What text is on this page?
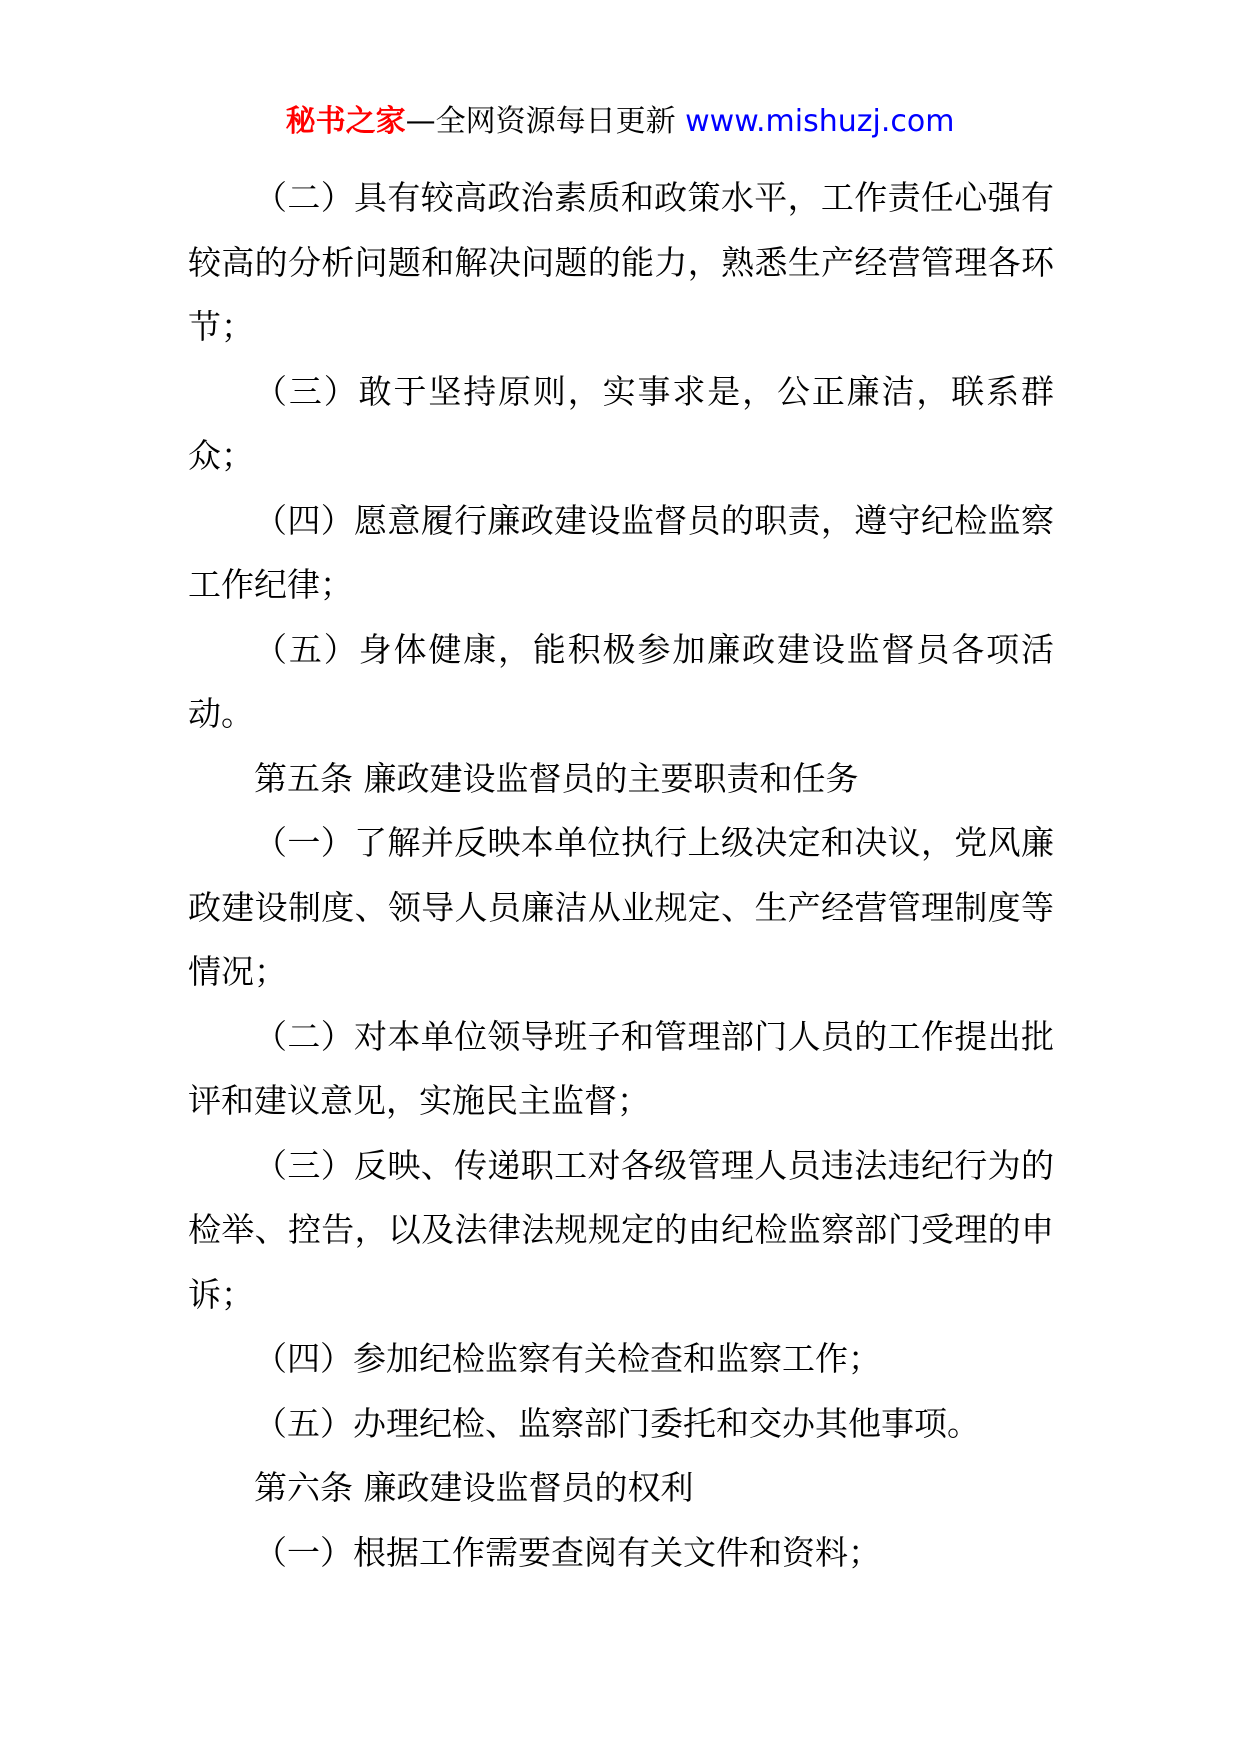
秘书之家—全网资源每日更新 www.mishuzj.com

（二）具有较高政治素质和政策水平，工作责任心强有较高的分析问题和解决问题的能力，熟悉生产经营管理各环节；

（三）敢于坚持原则，实事求是，公正廉洁，联系群众；

（四）愿意履行廉政建设监督员的职责，遵守纪检监察工作纪律；

（五）身体健康，能积极参加廉政建设监督员各项活动。

第五条 廉政建设监督员的主要职责和任务

（一）了解并反映本单位执行上级决定和决议，党风廉政建设制度、领导人员廉洁从业规定、生产经营管理制度等情况；

（二）对本单位领导班子和管理部门人员的工作提出批评和建议意见，实施民主监督；

（三）反映、传递职工对各级管理人员违法违纪行为的检举、控告，以及法律法规规定的由纪检监察部门受理的申诉；

（四）参加纪检监察有关检查和监察工作；

（五）办理纪检、监察部门委托和交办其他事项。

第六条 廉政建设监督员的权利

（一）根据工作需要查阅有关文件和资料；
